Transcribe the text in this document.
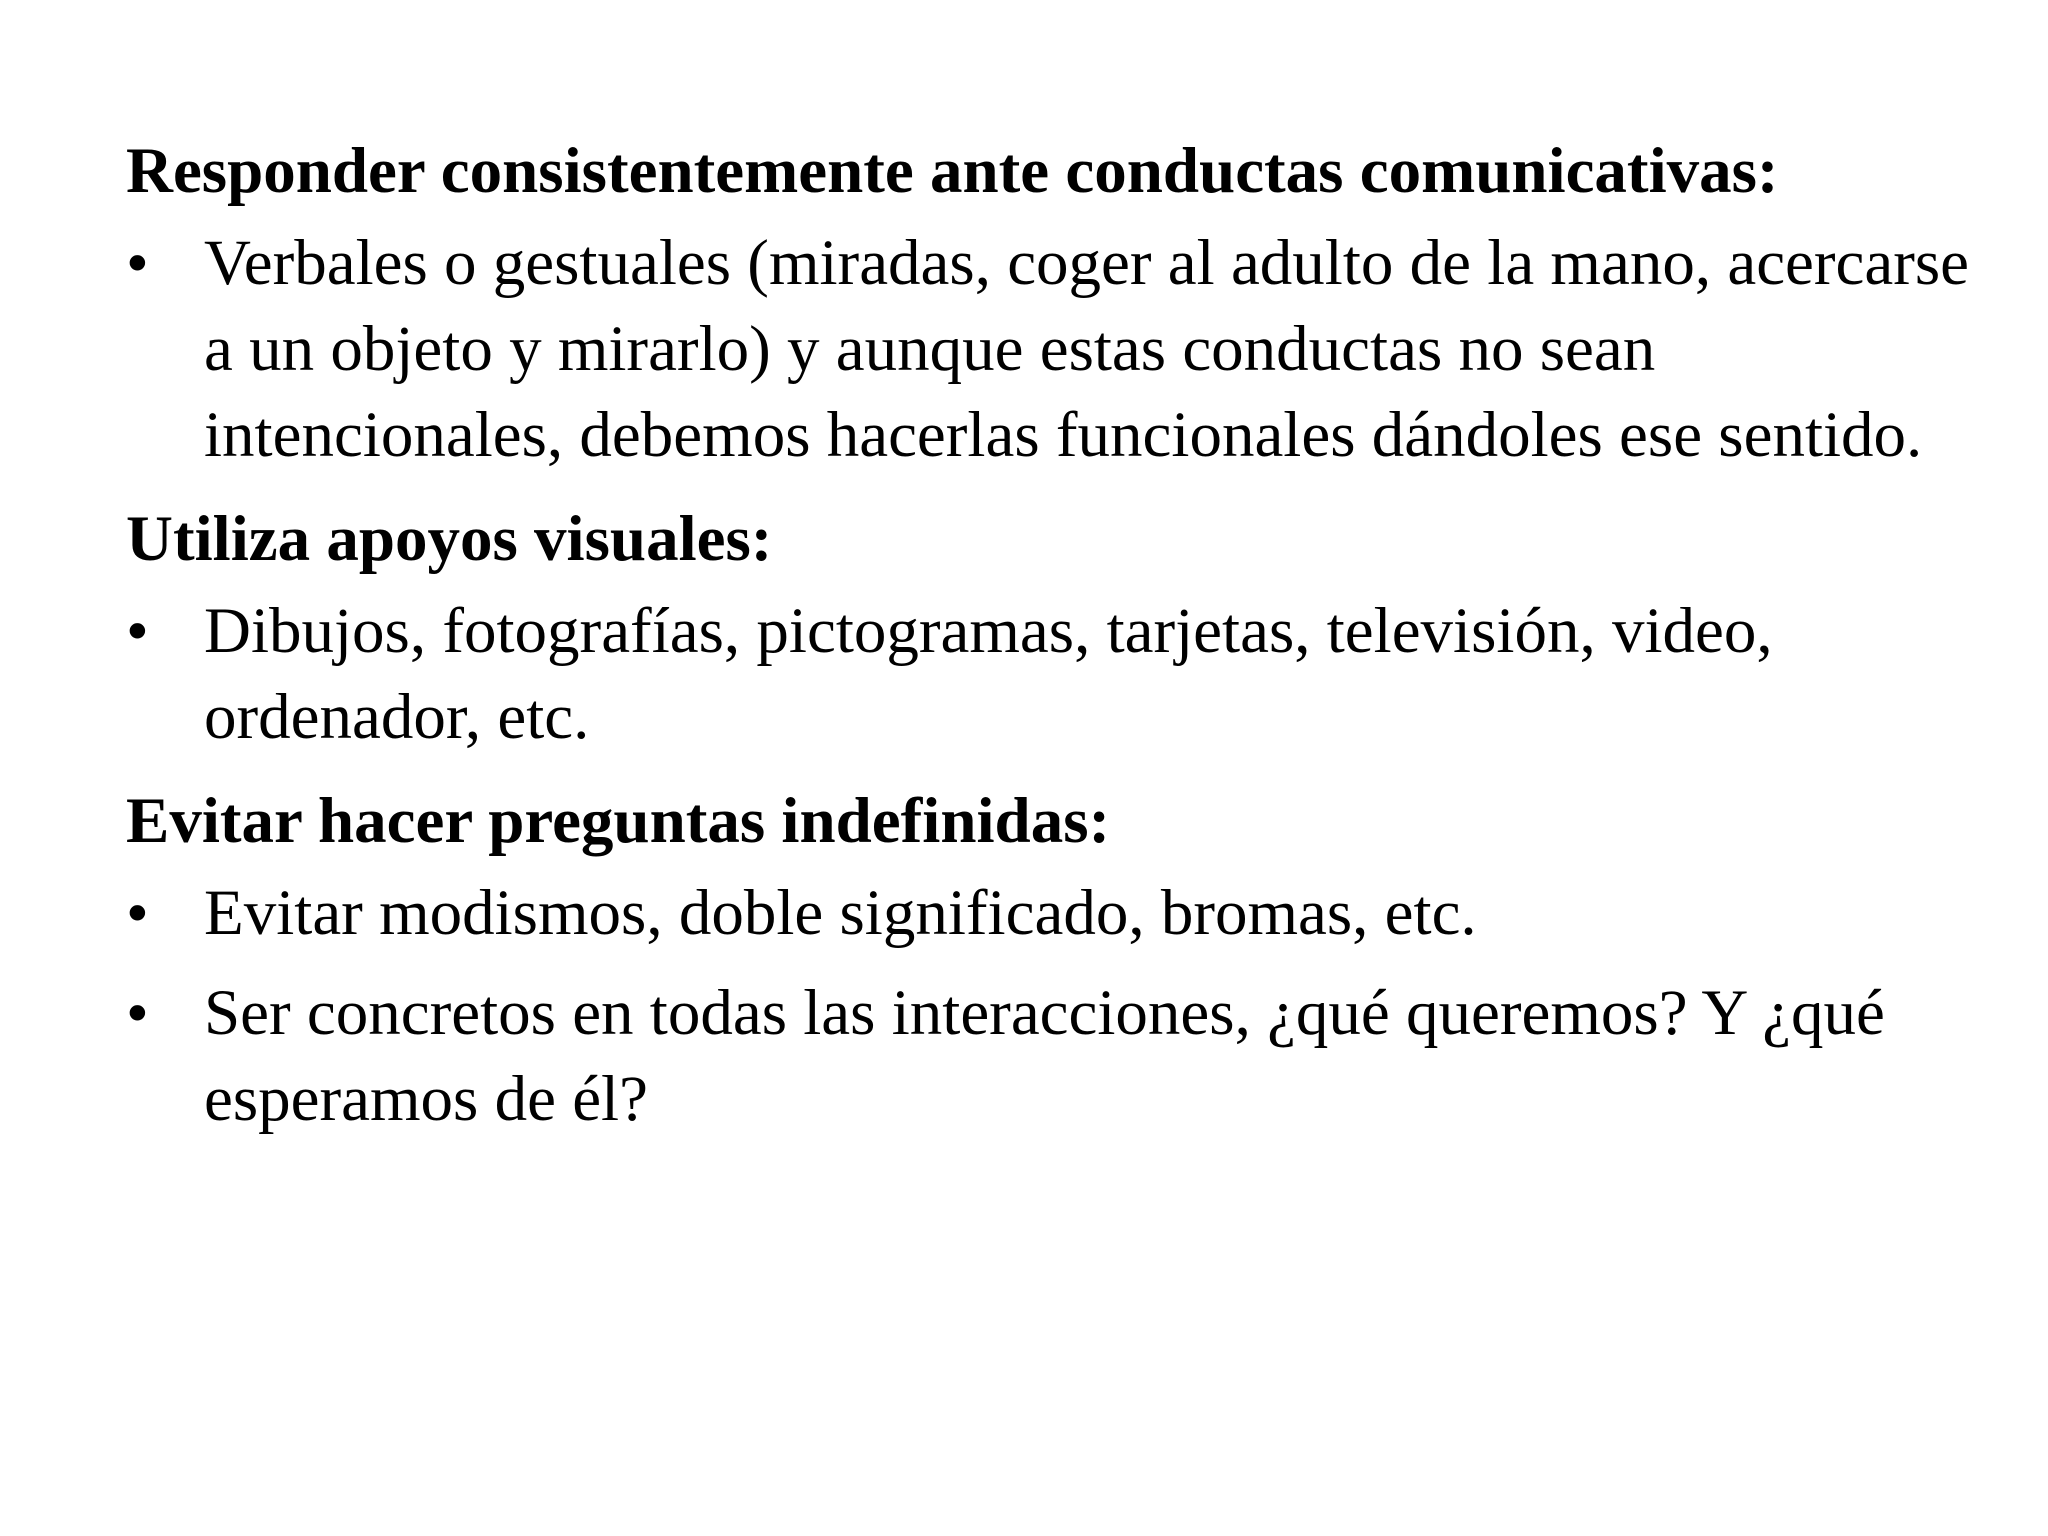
Responder consistentemente ante conductas comunicativas:
• Verbales o gestuales (miradas, coger al adulto de la mano, acercarse a un objeto y mirarlo) y aunque estas conductas no sean intencionales, debemos hacerlas funcionales dándoles ese sentido.
Utiliza apoyos visuales:
• Dibujos, fotografías, pictogramas, tarjetas, televisión, video, ordenador, etc.
Evitar hacer preguntas indefinidas:
• Evitar modismos, doble significado, bromas, etc.
• Ser concretos en todas las interacciones, ¿qué queremos? Y ¿qué esperamos de él?
